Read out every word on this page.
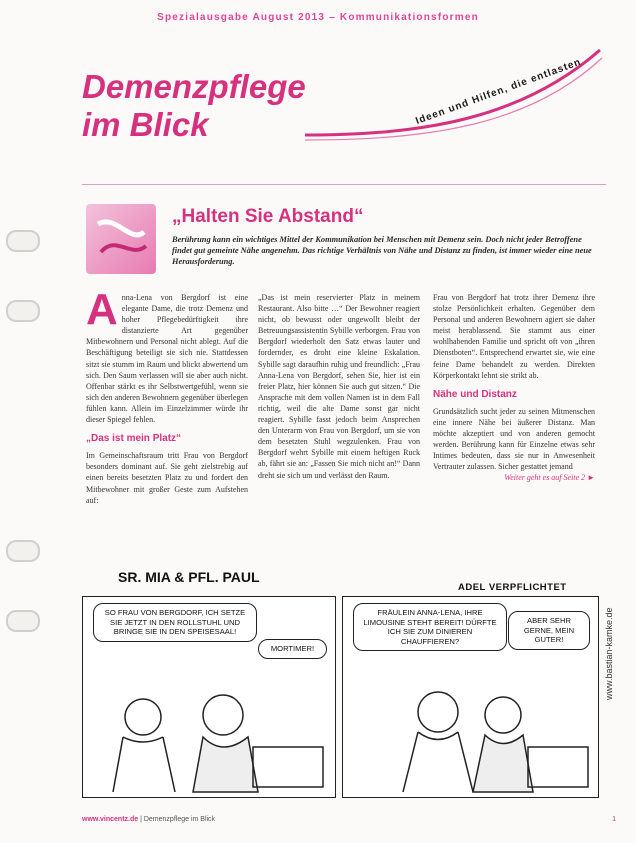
Spezialausgabe August 2013 – Kommunikationsformen
Demenzpflege
im Blick	Ideen und Hilfen, die entlasten
„Halten Sie Abstand“
Berührung kann ein wichtiges Mittel der Kommunikation bei Menschen mit Demenz sein. Doch nicht jeder Betroffene findet gut gemeinte Nähe angenehm. Das richtige Verhältnis von Nähe und Distanz zu finden, ist immer wieder eine neue Herausforderung.
A nna-Lena von Bergdorf ist eine elegante Dame, die trotz Demenz und hoher Pflegebedürftigkeit ihre distanzierte Art gegenüber Mitbewohnern und Personal nicht ablegt. Auf die Beschäftigung beteiligt sie sich nie. Stattdessen sitzt sie stumm im Raum und blickt abwertend um sich. Den Saum verlassen will sie aber auch nicht. Offenbar stärkt es ihr Selbstwertgefühl, wenn sie sich den anderen Bewohnern gegenüber überlegen fühlen kann. Allein im Einzelzimmer würde ihr dieser Spiegel fehlen.
„Das ist mein Platz“
Im Gemeinschaftsraum tritt Frau von Bergdorf besonders dominant auf. Sie geht zielstrebig auf einen bereits besetzten Platz zu und fordert den Mitbewohner mit großer Geste zum Aufstehen auf:
„Das ist mein reservierter Platz in meinem Restaurant. Also bitte …“ Der Bewohner reagiert nicht, ob bewusst oder ungewollt bleibt der Betreuungsassistentin Sybille verborgen. Frau von Bergdorf wiederholt den Satz etwas lauter und fordernder, es droht eine kleine Eskalation. Sybille sagt daraufhin ruhig und freundlich: „Frau Anna-Lena von Bergdorf, sehen Sie, hier ist ein freier Platz, hier können Sie auch gut sitzen.“ Die Ansprache mit dem vollen Namen ist in dem Fall richtig, weil die alte Dame sonst gar nicht reagiert. Sybille fasst jedoch beim Ansprechen den Unterarm von Frau von Bergdorf, um sie von dem besetzten Stuhl wegzulenken. Frau von Bergdorf wehrt Sybille mit einem heftigen Ruck ab, fährt sie an: „Fassen Sie mich nicht an!“ Dann dreht sie sich um und verlässt den Raum.
Frau von Bergdorf hat trotz ihrer Demenz ihre stolze Persönlichkeit erhalten. Gegenüber dem Personal und anderen Bewohnern agiert sie daher meist herablassend. Sie stammt aus einer wohlhabenden Familie und spricht oft von „ihren Dienstboten“. Entsprechend erwartet sie, wie eine feine Dame behandelt zu werden. Direkten Körperkontakt lehnt sie strikt ab.
Nähe und Distanz
Grundsätzlich sucht jeder zu seinen Mitmenschen eine innere Nähe bei äußerer Distanz. Man möchte akzeptiert und von anderen gemocht werden. Berührung kann für Einzelne etwas sehr Intimes bedeuten, dass sie nur in Anwesenheit Vertrauter zulassen. Sicher gestattet jemand
Weiter geht es auf Seite 2 ►
SR. MIA & PFL. PAUL
ADEL VERPFLICHTET
SO FRAU VON BERGDORF, ICH SETZE SIE JETZT IN DEN ROLLSTUHL UND BRINGE SIE IN DEN SPEISESAAL!
MORTIMER!
FRÄULEIN ANNA-LENA, IHRE LIMOUSINE STEHT BEREIT! DÜRFTE ICH SIE ZUM DINIEREN CHAUFFIEREN?
ABER SEHR GERNE, MEIN GUTER!	www.bastian-kamke.de
www.vincentz.de | Demenzpflege im Blick	1
